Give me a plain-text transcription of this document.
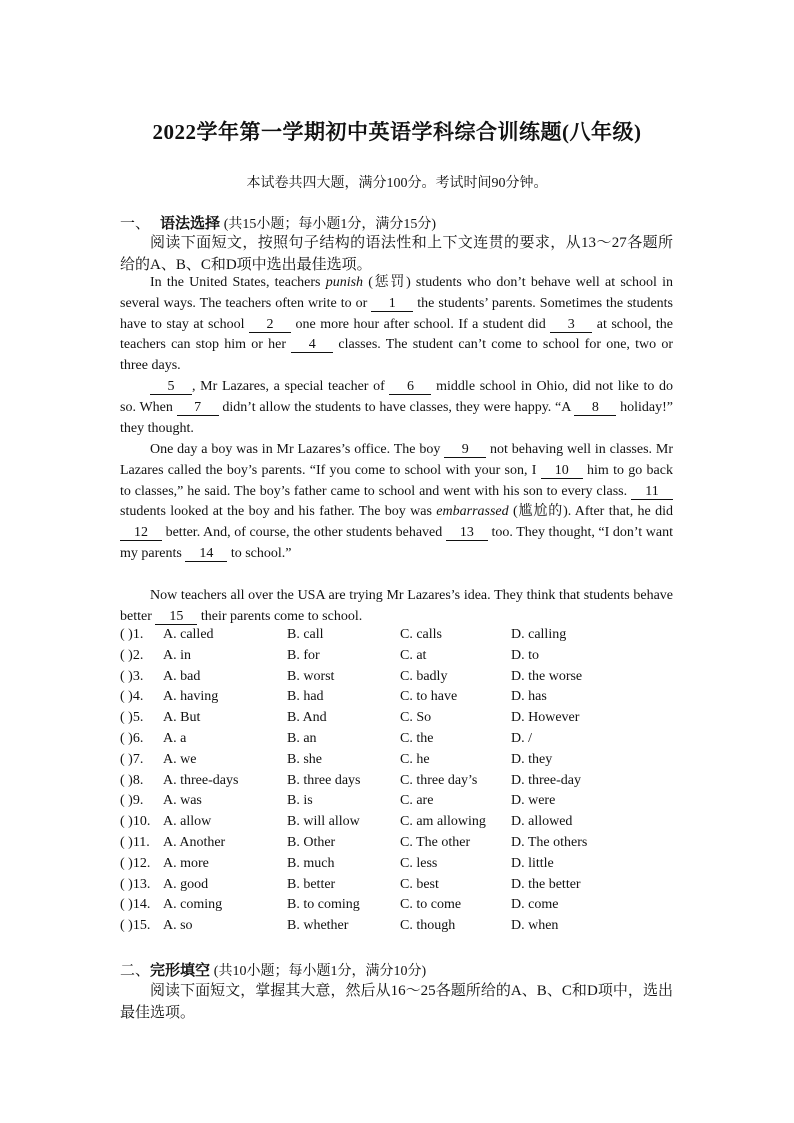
2022学年第一学期初中英语学科综合训练题(八年级)
本试卷共四大题，满分100分。考试时间90分钟。
一、 语法选择 (共15小题；每小题1分，满分15分)
阅读下面短文，按照句子结构的语法性和上下文连贯的要求，从13～27各题所给的A、B、C和D项中选出最佳选项。
In the United States, teachers punish (惩罚) students who don’t behave well at school in several ways. The teachers often write to or 1 the students’ parents. Sometimes the students have to stay at school 2 one more hour after school. If a student did 3 at school, the teachers can stop him or her 4 classes. The student can’t come to school for one, two or three days.
5 , Mr Lazares, a special teacher of 6 middle school in Ohio, did not like to do so. When 7 didn’t allow the students to have classes, they were happy. “A 8 holiday!” they thought.
One day a boy was in Mr Lazares’s office. The boy 9 not behaving well in classes. Mr Lazares called the boy’s parents. “If you come to school with your son, I 10 him to go back to classes,” he said. The boy’s father came to school and went with his son to every class. 11 students looked at the boy and his father. The boy was embarrassed (尴尬的). After that, he did 12 better. And, of course, the other students behaved 13 too. They thought, “I don’t want my parents 14 to school.”
Now teachers all over the USA are trying Mr Lazares’s idea. They think that students behave better 15 their parents come to school.
( )1. A. called	B. call	C. calls	D. calling
( )2. A. in	B. for	C. at	D. to
( )3. A. bad	B. worst	C. badly	D. the worse
( )4. A. having	B. had	C. to have	D. has
( )5. A. But	B. And	C. So	D. However
( )6. A. a	B. an	C. the	D. /
( )7. A. we	B. she	C. he	D. they
( )8. A. three-days	B. three days	C. three day’s D. three-day
( )9. A. was	B. is	C. are	D. were
( )10. A. allow	B. will allow	C. am allowing D. allowed
( )11. A. Another	B. Other	C. The other	D. The others
( )12. A. more	B. much	C. less	D. little
( )13. A. good	B. better	C. best	D. the better
( )14. A. coming	B. to coming	C. to come	D. come
( )15. A. so	B. whether	C. though	D. when
二、完形填空 (共10小题；每小题1分，满分10分)
阅读下面短文，掌握其大意，然后从16～25各题所给的A、B、C和D项中，选出最佳选项。
